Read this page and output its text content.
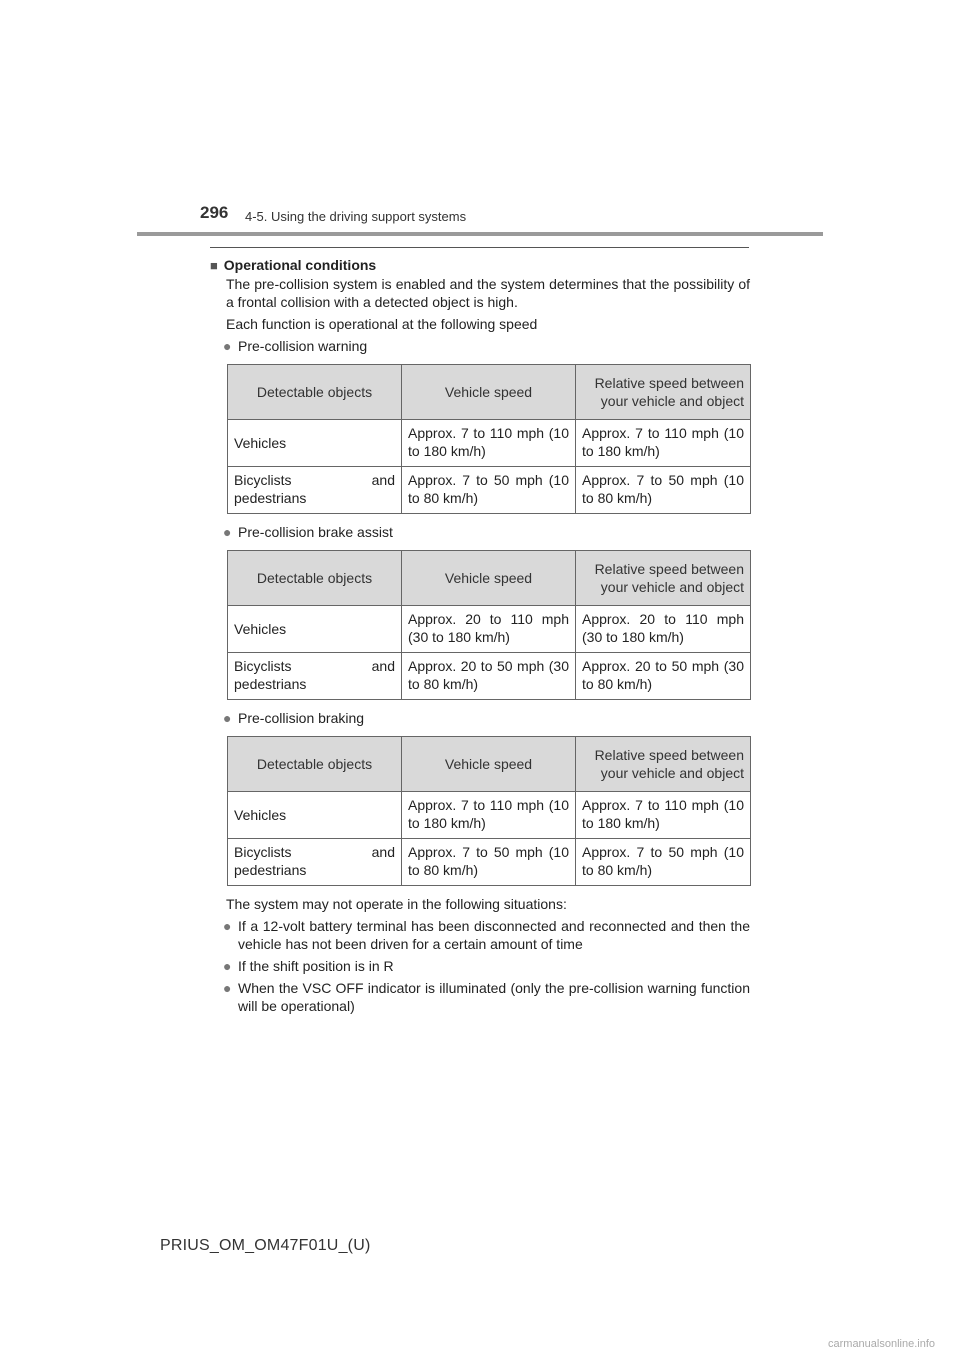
296 4-5. Using the driving support systems

■ Operational conditions

The pre-collision system is enabled and the system determines that the possibility of a frontal collision with a detected object is high.

Each function is operational at the following speed

● Pre-collision warning

Detectable objects	Vehicle speed	Relative speed between your vehicle and object
Vehicles	Approx. 7 to 110 mph (10 to 180 km/h)	Approx. 7 to 110 mph (10 to 180 km/h)
Bicyclists and pedestrians	Approx. 7 to 50 mph (10 to 80 km/h)	Approx. 7 to 50 mph (10 to 80 km/h)

● Pre-collision brake assist

Detectable objects	Vehicle speed	Relative speed between your vehicle and object
Vehicles	Approx. 20 to 110 mph (30 to 180 km/h)	Approx. 20 to 110 mph (30 to 180 km/h)
Bicyclists and pedestrians	Approx. 20 to 50 mph (30 to 80 km/h)	Approx. 20 to 50 mph (30 to 80 km/h)

● Pre-collision braking

Detectable objects	Vehicle speed	Relative speed between your vehicle and object
Vehicles	Approx. 7 to 110 mph (10 to 180 km/h)	Approx. 7 to 110 mph (10 to 180 km/h)
Bicyclists and pedestrians	Approx. 7 to 50 mph (10 to 80 km/h)	Approx. 7 to 50 mph (10 to 80 km/h)

The system may not operate in the following situations:

● If a 12-volt battery terminal has been disconnected and reconnected and then the vehicle has not been driven for a certain amount of time

● If the shift position is in R

● When the VSC OFF indicator is illuminated (only the pre-collision warning function will be operational)

PRIUS_OM_OM47F01U_(U)
carmanualsonline.info
